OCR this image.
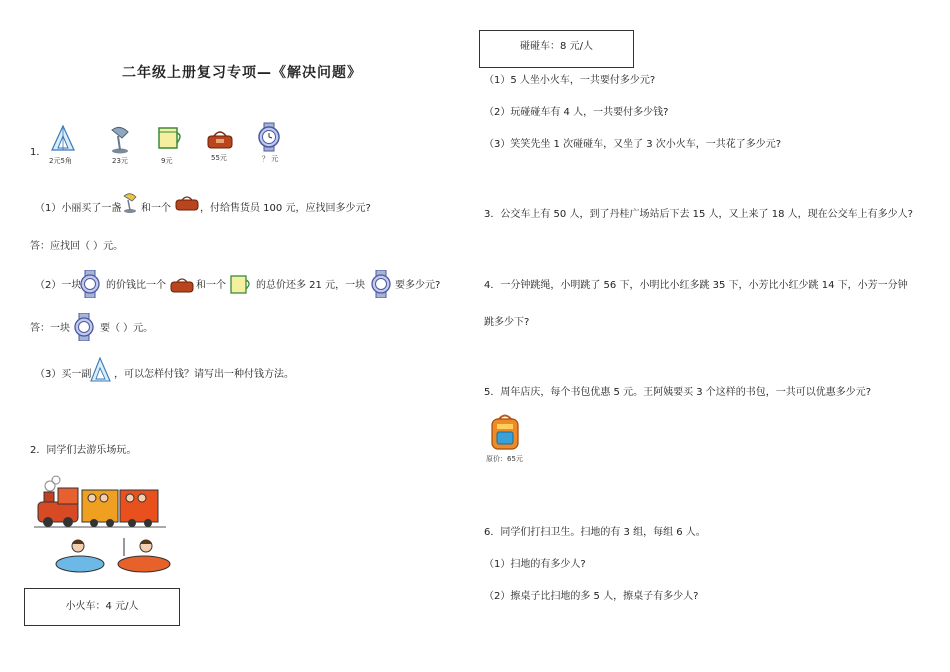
二年级上册复习专项—《解决问题》
1．
2元5角	23元	9元	55元	？ 元
（1）小丽买了一盏 和一个	，付给售货员 100 元，应找回多少元?
答：应找回（ ）元。
（2）一块 的价钱比一个	和一个	的总价还多 21 元，一块	要多少元?
答：一块	要（ ）元。
（3）买一副 ，可以怎样付钱？请写出一种付钱方法。
2．同学们去游乐场玩。
小火车：4 元/人
碰碰车：8 元/人
（1）5 人坐小火车，一共要付多少元?
（2）玩碰碰车有 4 人，一共要付多少钱?
（3）笑笑先坐 1 次碰碰车，又坐了 3 次小火车，一共花了多少元?
3．公交车上有 50 人，到了丹桂广场站后下去 15 人，又上来了 18 人，现在公交车上有多少人?
4．一分钟跳绳，小明跳了 56 下，小明比小红多跳 35 下，小芳比小红少跳 14 下，小芳一分钟
跳多少下?
5．周年店庆，每个书包优惠 5 元。王阿姨要买 3 个这样的书包，一共可以优惠多少元?
原价：65元
6．同学们打扫卫生。扫地的有 3 组，每组 6 人。
（1）扫地的有多少人?
（2）擦桌子比扫地的多 5 人，擦桌子有多少人?
